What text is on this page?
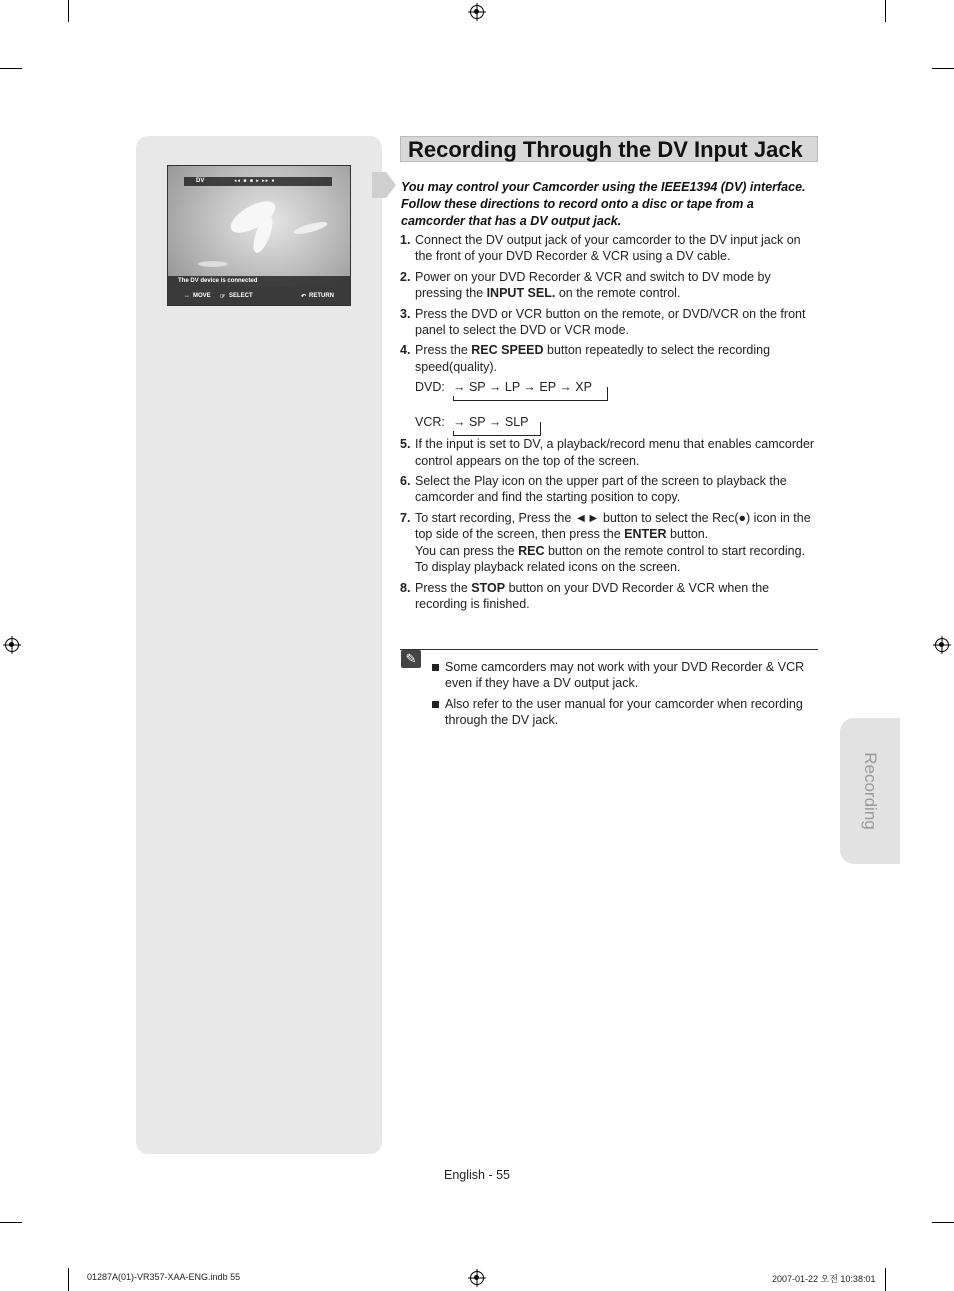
DV	◂◂ ■ ■ ▸ ▸▸ ●
The DV device is connected
↔ MOVE ☞ SELECT	↶ RETURN
Recording Through the DV Input Jack
You may control your Camcorder using the IEEE1394 (DV) interface. Follow these directions to record onto a disc or tape from a camcorder that has a DV output jack.
1. Connect the DV output jack of your camcorder to the DV input jack on the front of your DVD Recorder & VCR using a DV cable.
2. Power on your DVD Recorder & VCR and switch to DV mode by pressing the INPUT SEL. on the remote control.
3. Press the DVD or VCR button on the remote, or DVD/VCR on the front panel to select the DVD or VCR mode.
4. Press the REC SPEED button repeatedly to select the recording speed(quality).
DVD: → SP → LP → EP → XP
VCR: → SP → SLP
5. If the input is set to DV, a playback/record menu that enables camcorder control appears on the top of the screen.
6. Select the Play icon on the upper part of the screen to playback the camcorder and find the starting position to copy.
7. To start recording, Press the ◄► button to select the Rec(●) icon in the top side of the screen, then press the ENTER button.
You can press the REC button on the remote control to start recording.
To display playback related icons on the screen.
8. Press the STOP button on your DVD Recorder & VCR when the recording is finished.
✎
Some camcorders may not work with your DVD Recorder & VCR even if they have a DV output jack.
Also refer to the user manual for your camcorder when recording through the DV jack.
Recording
English - 55
01287A(01)-VR357-XAA-ENG.indb 55	2007-01-22 오전 10:38:01
